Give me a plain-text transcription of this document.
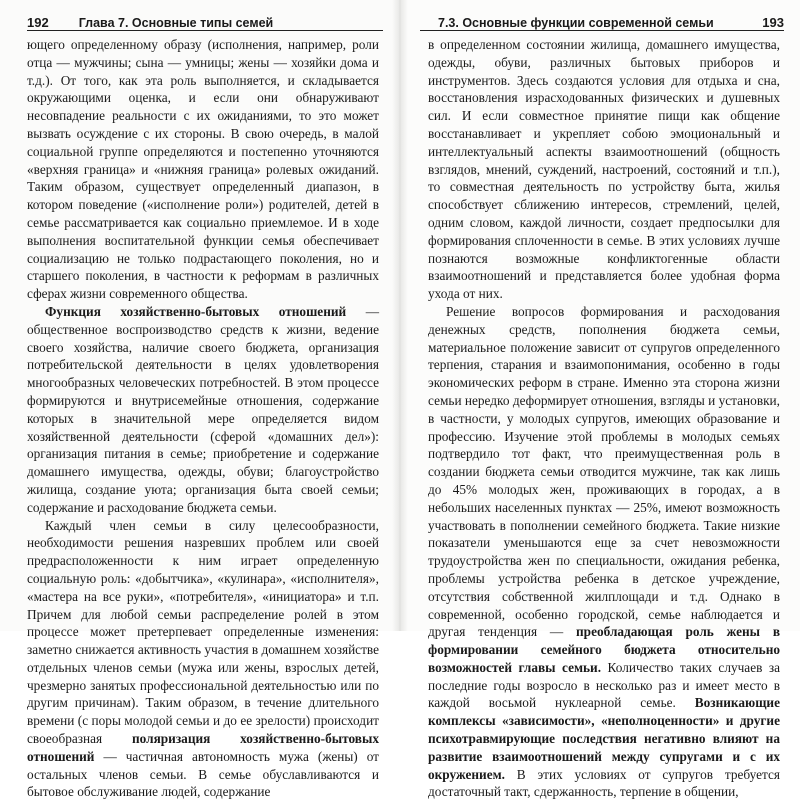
192 Глава 7. Основные типы семей

ющего определенному образу (исполнения, например, роли отца — мужчины; сына — умницы; жены — хозяйки дома и т.д.). От того, как эта роль выполняется, и складывается окружающими оценка, и если они обнаруживают несовпадение реальности с их ожиданиями, то это может вызвать осуждение с их стороны. В свою очередь, в малой социальной группе определяются и постепенно уточняются «верхняя граница» и «нижняя граница» ролевых ожиданий. Таким образом, существует определенный диапазон, в котором поведение («исполнение роли») родителей, детей в семье рассматривается как социально приемлемое. И в ходе выполнения воспитательной функции семья обеспечивает социализацию не только подрастающего поколения, но и старшего поколения, в частности к реформам в различных сферах жизни современного общества.

Функция хозяйственно-бытовых отношений — общественное воспроизводство средств к жизни, ведение своего хозяйства, наличие своего бюджета, организация потребительской деятельности в целях удовлетворения многообразных человеческих потребностей. В этом процессе формируются и внутрисемейные отношения, содержание которых в значительной мере определяется видом хозяйственной деятельности (сферой «домашних дел»): организация питания в семье; приобретение и содержание домашнего имущества, одежды, обуви; благоустройство жилища, создание уюта; организация быта своей семьи; содержание и расходование бюджета семьи.

Каждый член семьи в силу целесообразности, необходимости решения назревших проблем или своей предрасположенности к ним играет определенную социальную роль: «добытчика», «кулинара», «исполнителя», «мастера на все руки», «потребителя», «инициатора» и т.п. Причем для любой семьи распределение ролей в этом процессе может претерпевает определенные изменения: заметно снижается активность участия в домашнем хозяйстве отдельных членов семьи (мужа или жены, взрослых детей, чрезмерно занятых профессиональной деятельностью или по другим причинам). Таким образом, в течение длительного времени (с поры молодой семьи и до ее зрелости) происходит своеобразная поляризация хозяйственно-бытовых отношений — частичная автономность мужа (жены) от остальных членов семьи. В семье обуславливаются и бытовое обслуживание людей, содержание

7.3. Основные функции современной семьи	193

в определенном состоянии жилища, домашнего имущества, одежды, обуви, различных бытовых приборов и инструментов. Здесь создаются условия для отдыха и сна, восстановления израсходованных физических и душевных сил. И если совместное принятие пищи как общение восстанавливает и укрепляет собою эмоциональный и интеллектуальный аспекты взаимоотношений (общность взглядов, мнений, суждений, настроений, состояний и т.п.), то совместная деятельность по устройству быта, жилья способствует сближению интересов, стремлений, целей, одним словом, каждой личности, создает предпосылки для формирования сплоченности в семье. В этих условиях лучше познаются возможные конфликтогенные области взаимоотношений и представляется более удобная форма ухода от них.

Решение вопросов формирования и расходования денежных средств, пополнения бюджета семьи, материальное положение зависит от супругов определенного терпения, старания и взаимопонимания, особенно в годы экономических реформ в стране. Именно эта сторона жизни семьи нередко деформирует отношения, взгляды и установки, в частности, у молодых супругов, имеющих образование и профессию. Изучение этой проблемы в молодых семьях подтвердило тот факт, что преимущественная роль в создании бюджета семьи отводится мужчине, так как лишь до 45% молодых жен, проживающих в городах, а в небольших населенных пунктах — 25%, имеют возможность участвовать в пополнении семейного бюджета. Такие низкие показатели уменьшаются еще за счет невозможности трудоустройства жен по специальности, ожидания ребенка, проблемы устройства ребенка в детское учреждение, отсутствия собственной жилплощади и т.д. Однако в современной, особенно городской, семье наблюдается и другая тенденция — преобладающая роль жены в формировании семейного бюджета относительно возможностей главы семьи. Количество таких случаев за последние годы возросло в несколько раз и имеет место в каждой восьмой нуклеарной семье. Возникающие комплексы «зависимости», «неполноценности» и другие психотравмирующие последствия негативно влияют на развитие взаимоотношений между супругами и с их окружением. В этих условиях от супругов требуется достаточный такт, сдержанность, терпение в общении,
